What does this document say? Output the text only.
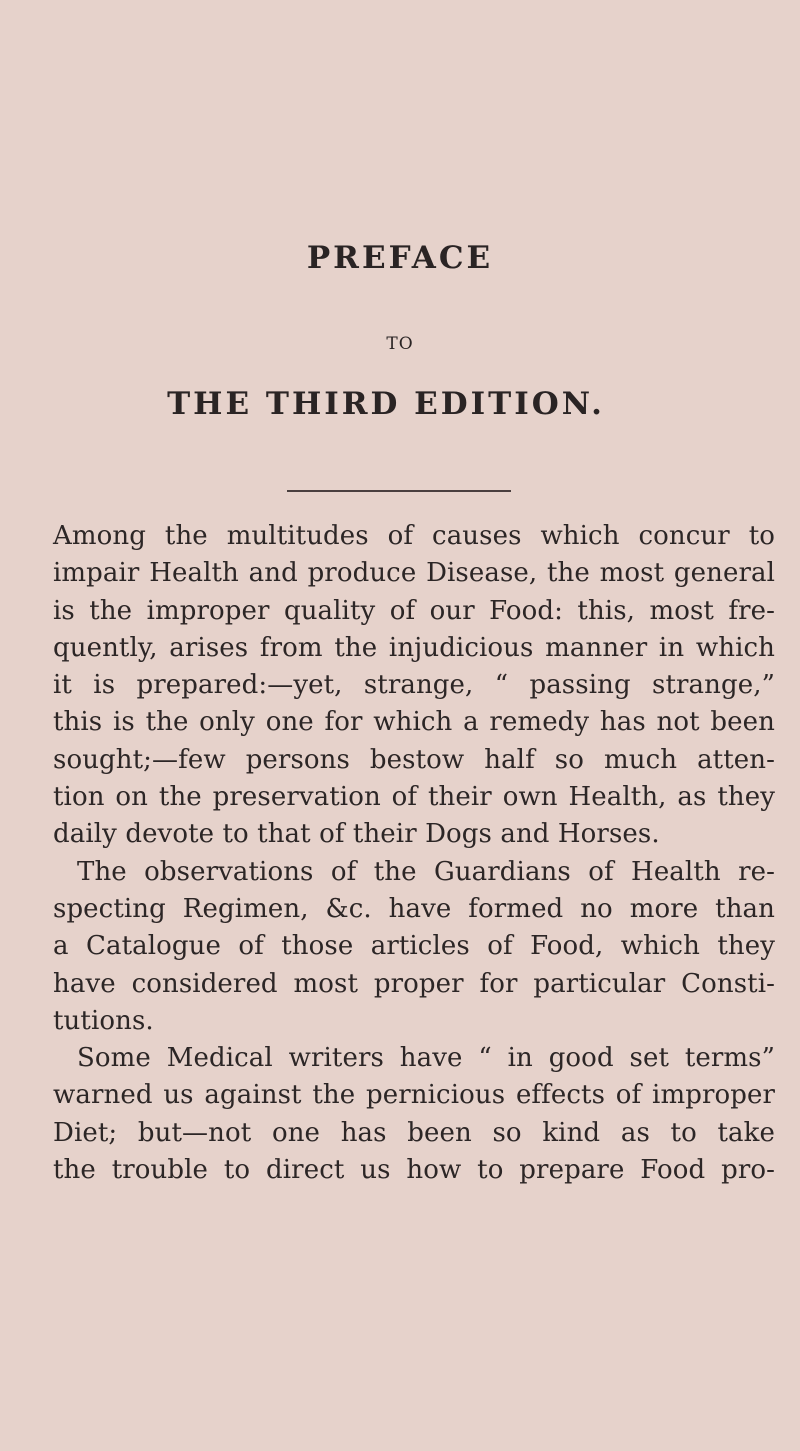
PREFACE
TO
THE THIRD EDITION.
Among the multitudes of causes which concur to
impair Health and produce Disease, the most general
is the improper quality of our Food: this, most fre-
quently, arises from the injudicious manner in which
it is prepared:—yet, strange, “ passing strange,”
this is the only one for which a remedy has not been
sought;—few persons bestow half so much atten-
tion on the preservation of their own Health, as they
daily devote to that of their Dogs and Horses.
The observations of the Guardians of Health re-
specting Regimen, &c. have formed no more than
a Catalogue of those articles of Food, which they
have considered most proper for particular Consti-
tutions.
Some Medical writers have “ in good set terms”
warned us against the pernicious effects of improper
Diet; but—not one has been so kind as to take
the trouble to direct us how to prepare Food pro-
